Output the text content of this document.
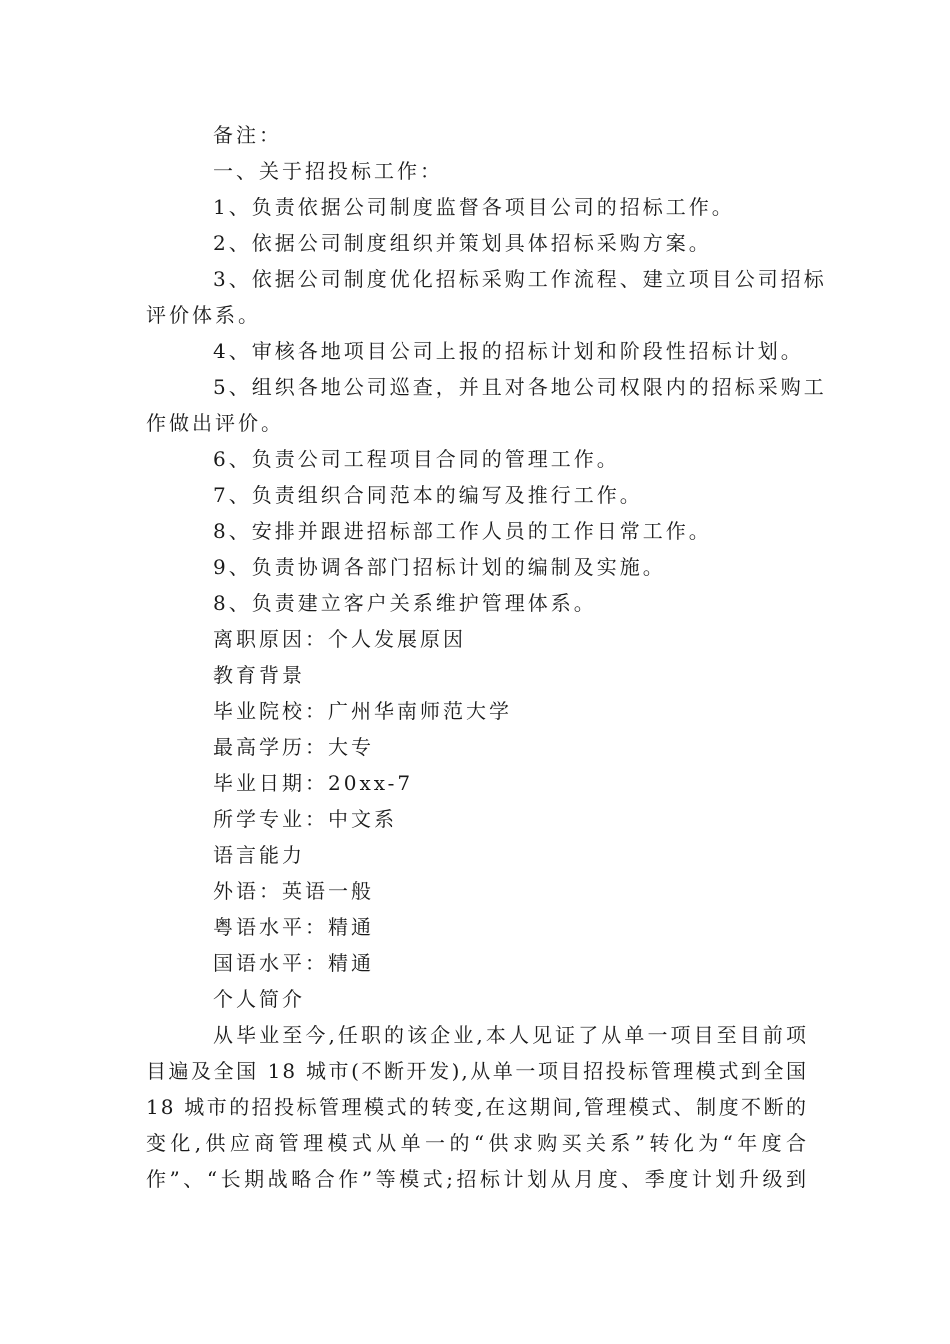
备注：
一、关于招投标工作：
1、负责依据公司制度监督各项目公司的招标工作。
2、依据公司制度组织并策划具体招标采购方案。
3、依据公司制度优化招标采购工作流程、建立项目公司招标
评价体系。
4、审核各地项目公司上报的招标计划和阶段性招标计划。
5、组织各地公司巡查，并且对各地公司权限内的招标采购工
作做出评价。
6、负责公司工程项目合同的管理工作。
7、负责组织合同范本的编写及推行工作。
8、安排并跟进招标部工作人员的工作日常工作。
9、负责协调各部门招标计划的编制及实施。
8、负责建立客户关系维护管理体系。
离职原因：个人发展原因
教育背景
毕业院校：广州华南师范大学
最高学历：大专
毕业日期：20xx-7
所学专业：中文系
语言能力
外语：英语一般
粤语水平：精通
国语水平：精通
个人简介
从毕业至今,任职的该企业,本人见证了从单一项目至目前项
目遍及全国 18 城市(不断开发),从单一项目招投标管理模式到全国
18 城市的招投标管理模式的转变,在这期间,管理模式、制度不断的
变化,供应商管理模式从单一的“供求购买关系”转化为“年度合
作”、“长期战略合作”等模式;招标计划从月度、季度计划升级到
